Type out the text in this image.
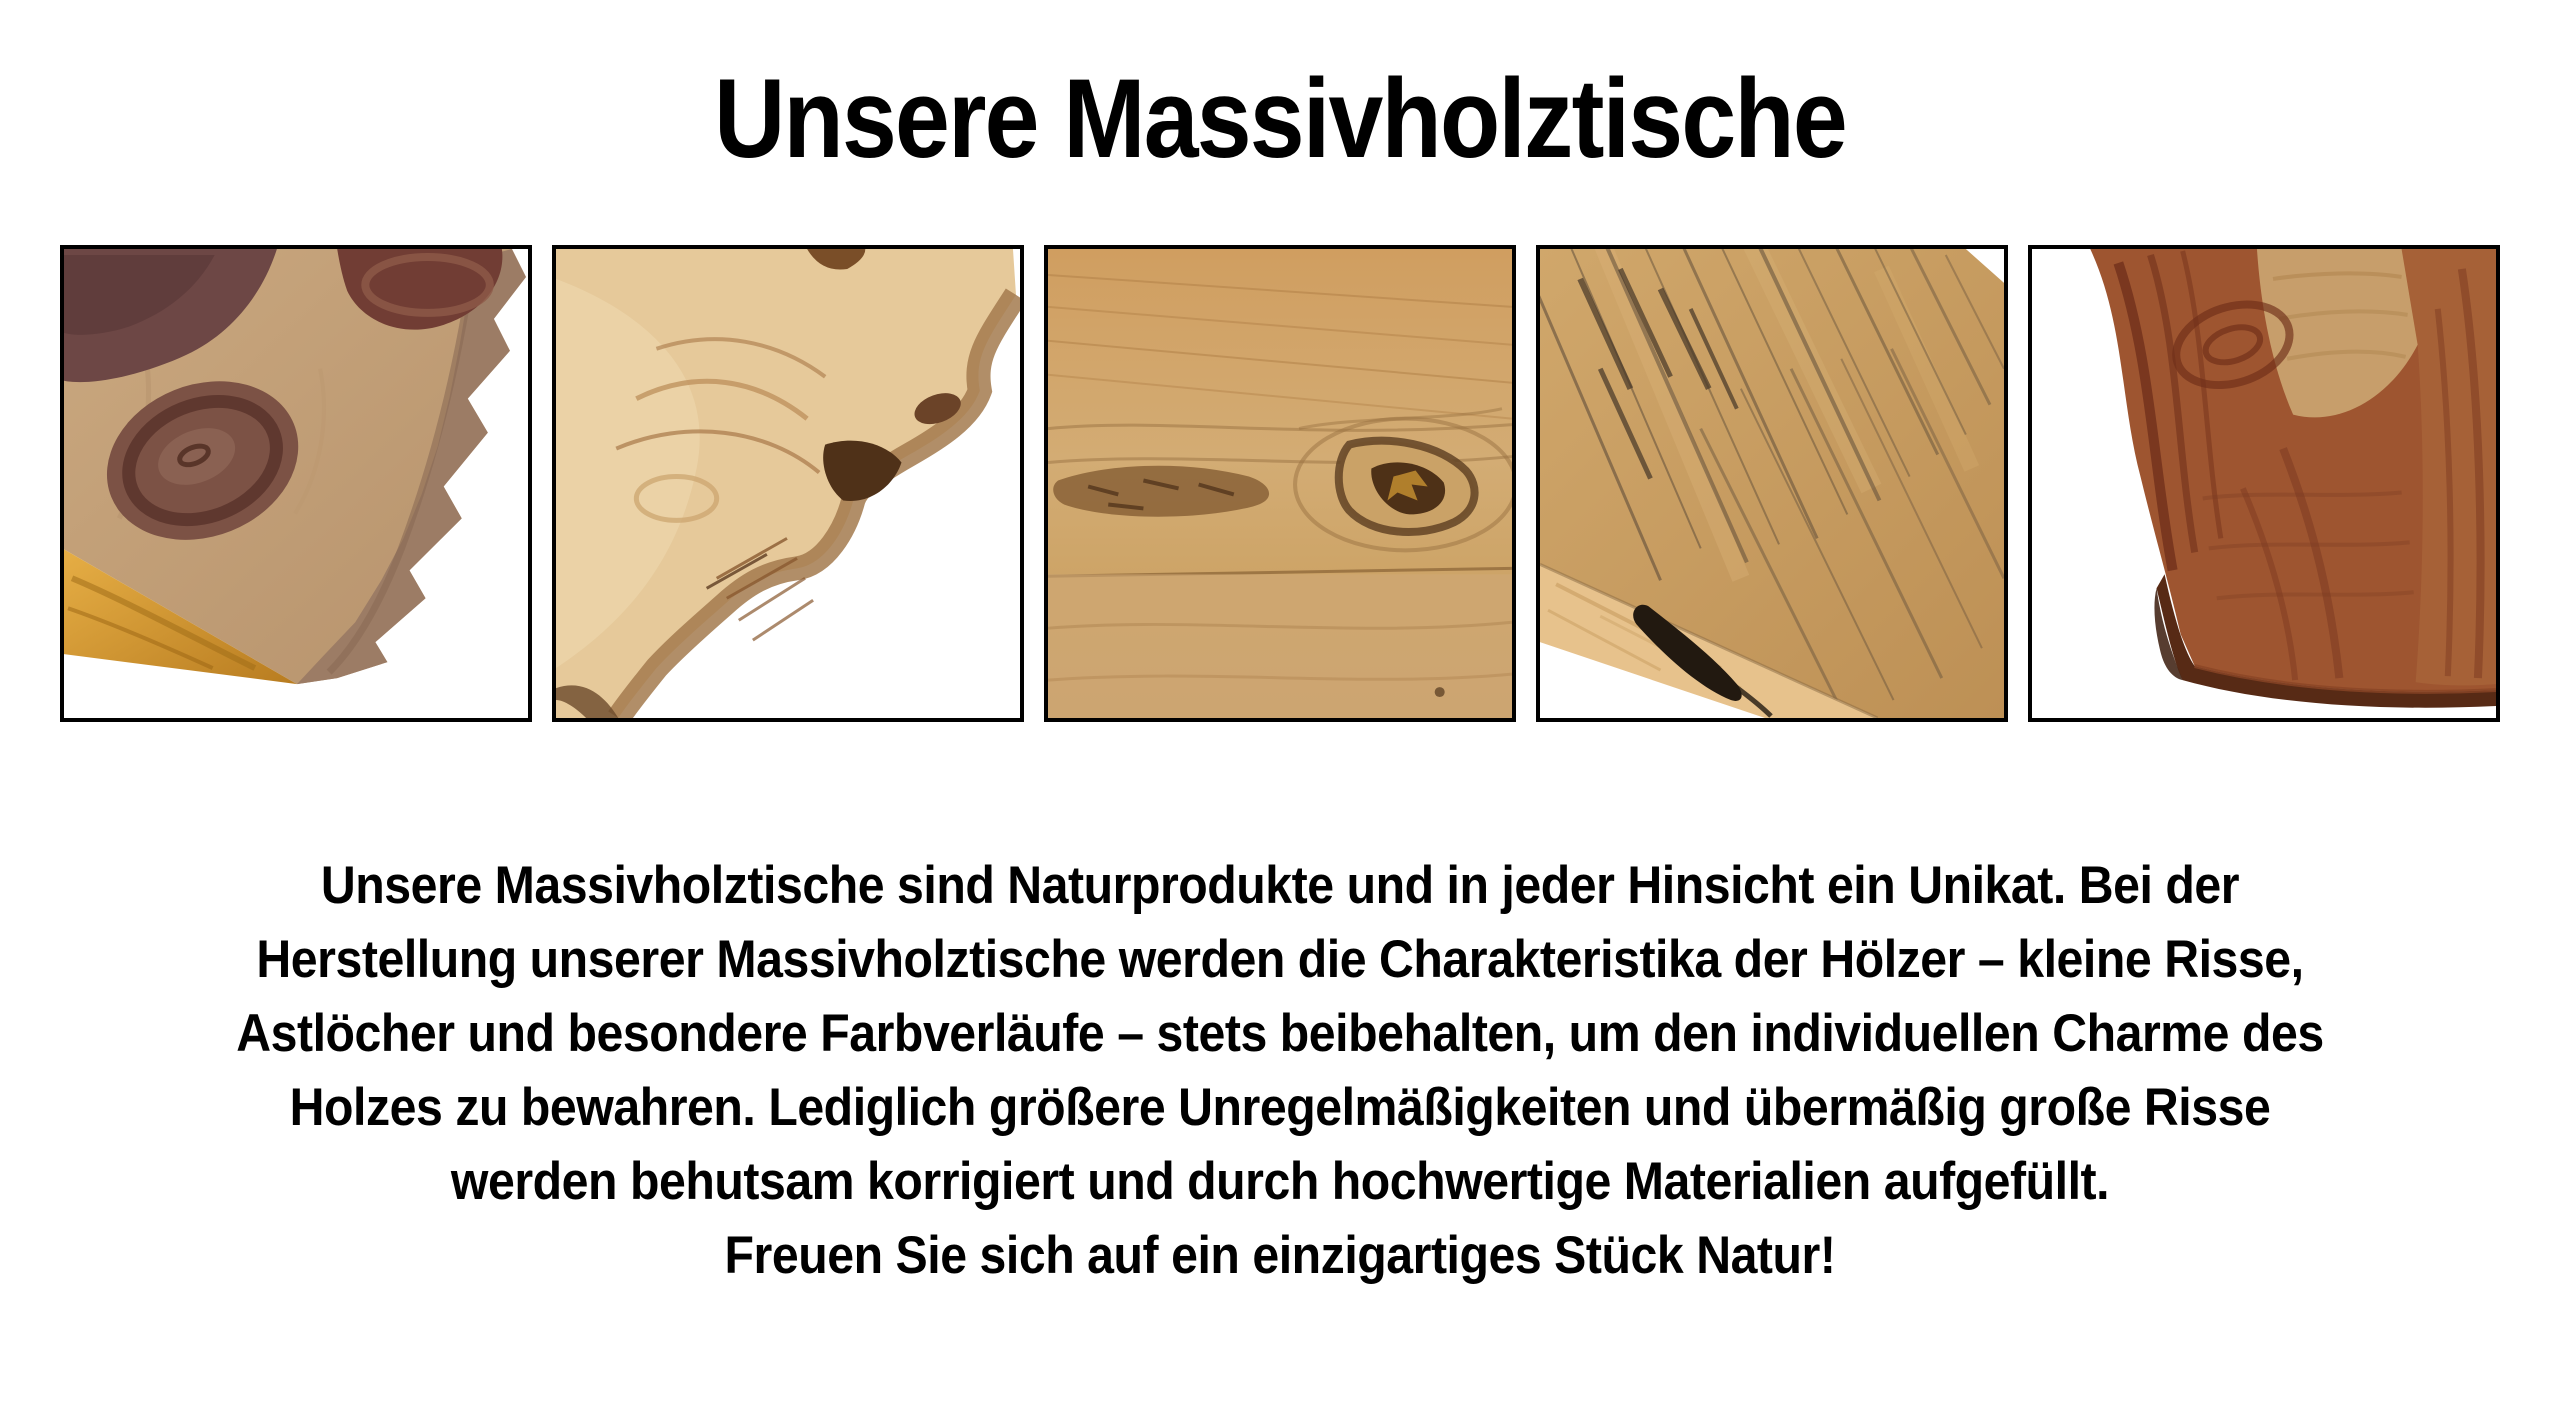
Unsere Massivholztische
Unsere Massivholztische sind Naturprodukte und in jeder Hinsicht ein Unikat. Bei der
Herstellung unserer Massivholztische werden die Charakteristika der Hölzer – kleine Risse,
Astlöcher und besondere Farbverläufe – stets beibehalten, um den individuellen Charme des
Holzes zu bewahren. Lediglich größere Unregelmäßigkeiten und übermäßig große Risse
werden behutsam korrigiert und durch hochwertige Materialien aufgefüllt.
Freuen Sie sich auf ein einzigartiges Stück Natur!
